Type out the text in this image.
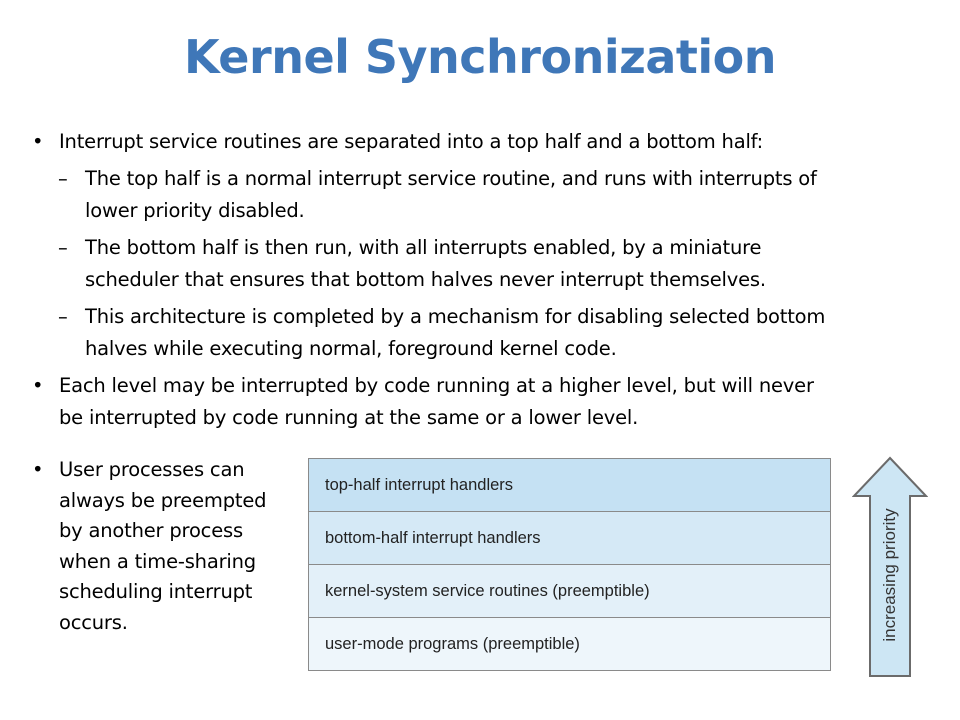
Kernel Synchronization
• Interrupt service routines are separated into a top half and a bottom half:
– The top half is a normal interrupt service routine, and runs with interrupts of
lower priority disabled.
– The bottom half is then run, with all interrupts enabled, by a miniature
scheduler that ensures that bottom halves never interrupt themselves.
– This architecture is completed by a mechanism for disabling selected bottom
halves while executing normal, foreground kernel code.
• Each level may be interrupted by code running at a higher level, but will never
be interrupted by code running at the same or a lower level.
• User processes can
always be preempted
by another process
when a time-sharing
scheduling interrupt
occurs.
top-half interrupt handlers
bottom-half interrupt handlers
kernel-system service routines (preemptible)
user-mode programs (preemptible)
increasing priority
